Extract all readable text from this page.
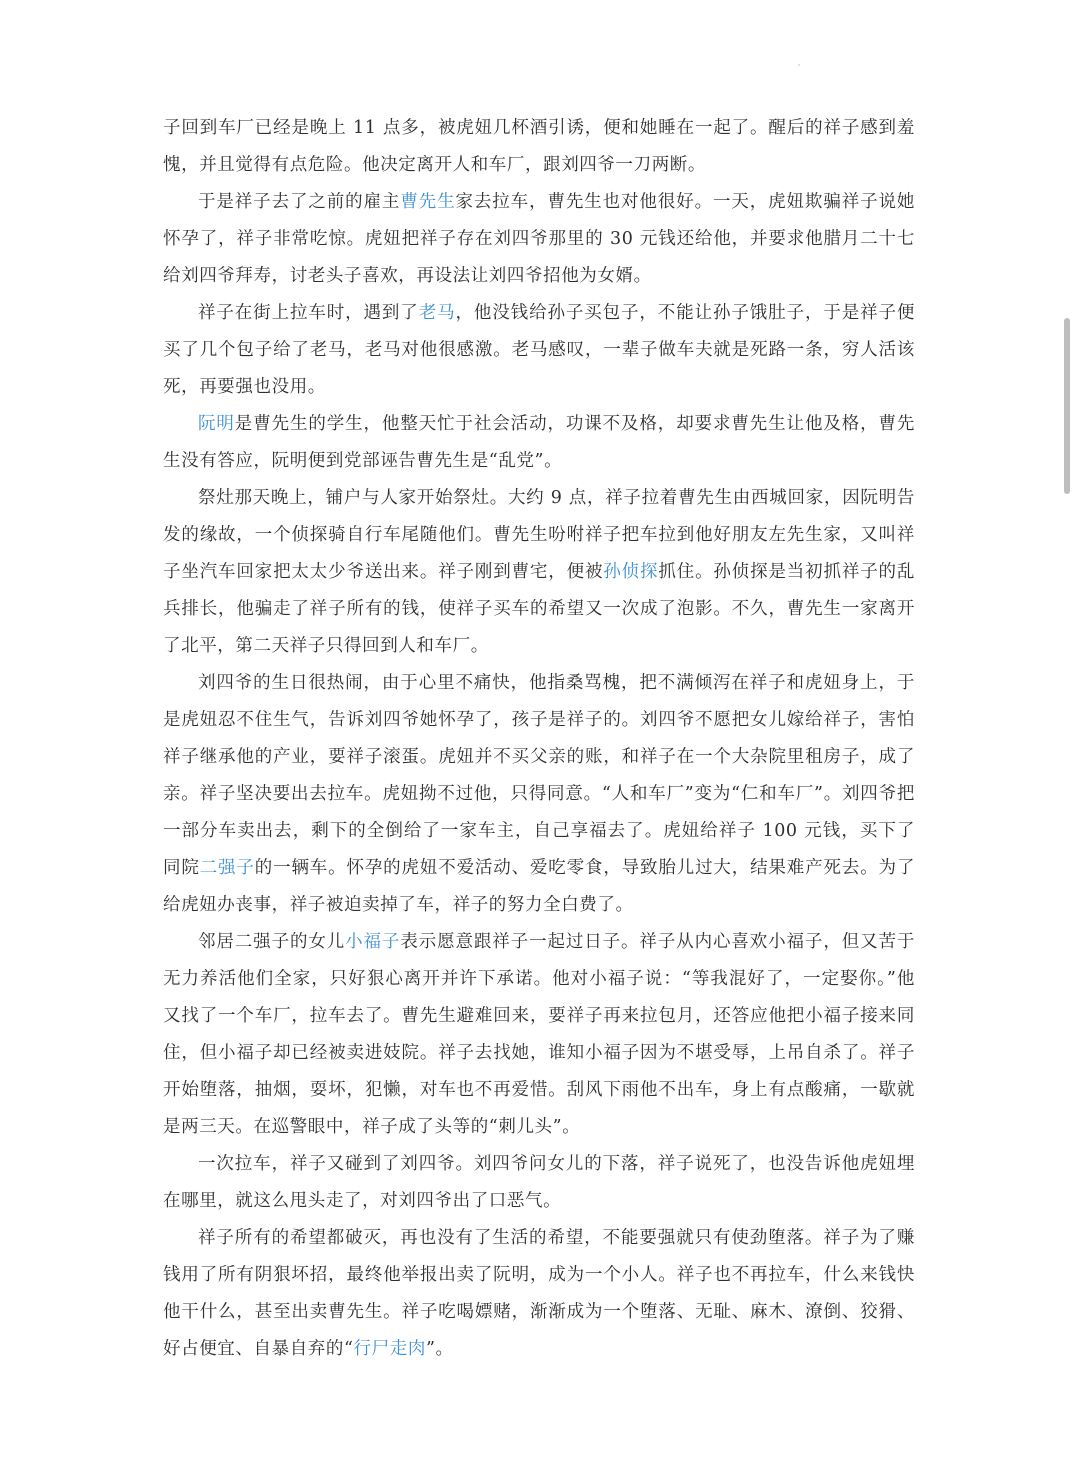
子回到车厂已经是晚上 11 点多，被虎妞几杯酒引诱，便和她睡在一起了。醒后的祥子感到羞愧，并且觉得有点危险。他决定离开人和车厂，跟刘四爷一刀两断。

于是祥子去了之前的雇主曹先生家去拉车，曹先生也对他很好。一天，虎妞欺骗祥子说她怀孕了，祥子非常吃惊。虎妞把祥子存在刘四爷那里的 30 元钱还给他，并要求他腊月二十七给刘四爷拜寿，讨老头子喜欢，再设法让刘四爷招他为女婿。

祥子在街上拉车时，遇到了老马，他没钱给孙子买包子，不能让孙子饿肚子，于是祥子便买了几个包子给了老马，老马对他很感激。老马感叹，一辈子做车夫就是死路一条，穷人活该死，再要强也没用。

阮明是曹先生的学生，他整天忙于社会活动，功课不及格，却要求曹先生让他及格，曹先生没有答应，阮明便到党部诬告曹先生是“乱党”。

祭灶那天晚上，铺户与人家开始祭灶。大约 9 点，祥子拉着曹先生由西城回家，因阮明告发的缘故，一个侦探骑自行车尾随他们。曹先生吩咐祥子把车拉到他好朋友左先生家，又叫祥子坐汽车回家把太太少爷送出来。祥子刚到曹宅，便被孙侦探抓住。孙侦探是当初抓祥子的乱兵排长，他骗走了祥子所有的钱，使祥子买车的希望又一次成了泡影。不久，曹先生一家离开了北平，第二天祥子只得回到人和车厂。

刘四爷的生日很热闹，由于心里不痛快，他指桑骂槐，把不满倾泻在祥子和虎妞身上，于是虎妞忍不住生气，告诉刘四爷她怀孕了，孩子是祥子的。刘四爷不愿把女儿嫁给祥子，害怕祥子继承他的产业，要祥子滚蛋。虎妞并不买父亲的账，和祥子在一个大杂院里租房子，成了亲。祥子坚决要出去拉车。虎妞拗不过他，只得同意。“人和车厂”变为“仁和车厂”。刘四爷把一部分车卖出去，剩下的全倒给了一家车主，自己享福去了。虎妞给祥子 100 元钱，买下了同院二强子的一辆车。怀孕的虎妞不爱活动、爱吃零食，导致胎儿过大，结果难产死去。为了给虎妞办丧事，祥子被迫卖掉了车，祥子的努力全白费了。

邻居二强子的女儿小福子表示愿意跟祥子一起过日子。祥子从内心喜欢小福子，但又苦于无力养活他们全家，只好狠心离开并许下承诺。他对小福子说：“等我混好了，一定娶你。”他又找了一个车厂，拉车去了。曹先生避难回来，要祥子再来拉包月，还答应他把小福子接来同住，但小福子却已经被卖进妓院。祥子去找她，谁知小福子因为不堪受辱，上吊自杀了。祥子开始堕落，抽烟，耍坏，犯懒，对车也不再爱惜。刮风下雨他不出车，身上有点酸痛，一歇就是两三天。在巡警眼中，祥子成了头等的“刺儿头”。

一次拉车，祥子又碰到了刘四爷。刘四爷问女儿的下落，祥子说死了，也没告诉他虎妞埋在哪里，就这么甩头走了，对刘四爷出了口恶气。

祥子所有的希望都破灭，再也没有了生活的希望，不能要强就只有使劲堕落。祥子为了赚钱用了所有阴狠坏招，最终他举报出卖了阮明，成为一个小人。祥子也不再拉车，什么来钱快他干什么，甚至出卖曹先生。祥子吃喝嫖赌，渐渐成为一个堕落、无耻、麻木、潦倒、狡猾、好占便宜、自暴自弃的“行尸走肉”。
